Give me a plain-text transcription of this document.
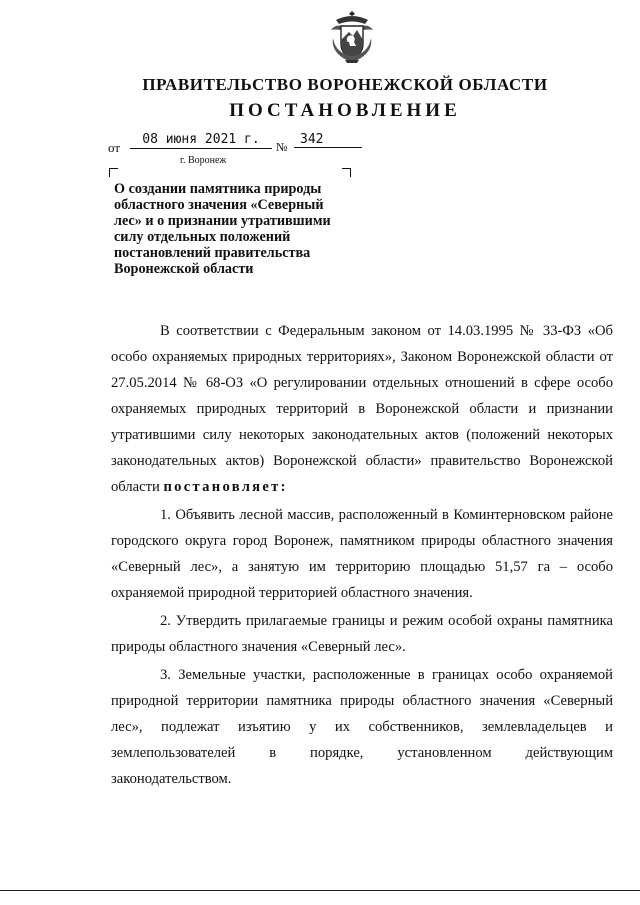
ПРАВИТЕЛЬСТВО ВОРОНЕЖСКОЙ ОБЛАСТИ
ПОСТАНОВЛЕНИЕ
от
08 июня 2021 г.	№ 342
г. Воронеж
О создании памятника природы
областного значения «Северный
лес» и о признании утратившими
силу отдельных положений
постановлений правительства
Воронежской области

В соответствии с Федеральным законом от 14.03.1995 № 33-ФЗ «Об особо охраняемых природных территориях», Законом Воронежской области от 27.05.2014 № 68-ОЗ «О регулировании отдельных отношений в сфере особо охраняемых природных территорий в Воронежской области и признании утратившими силу некоторых законодательных актов (положений некоторых законодательных актов) Воронежской области» правительство Воронежской области постановляет:

1. Объявить лесной массив, расположенный в Коминтерновском районе городского округа город Воронеж, памятником природы областного значения «Северный лес», а занятую им территорию площадью 51,57 га – особо охраняемой природной территорией областного значения.

2. Утвердить прилагаемые границы и режим особой охраны памятника природы областного значения «Северный лес».

3. Земельные участки, расположенные в границах особо охраняемой природной территории памятника природы областного значения «Северный лес», подлежат изъятию у их собственников, землевладельцев и землепользователей в порядке, установленном действующим законодательством.
